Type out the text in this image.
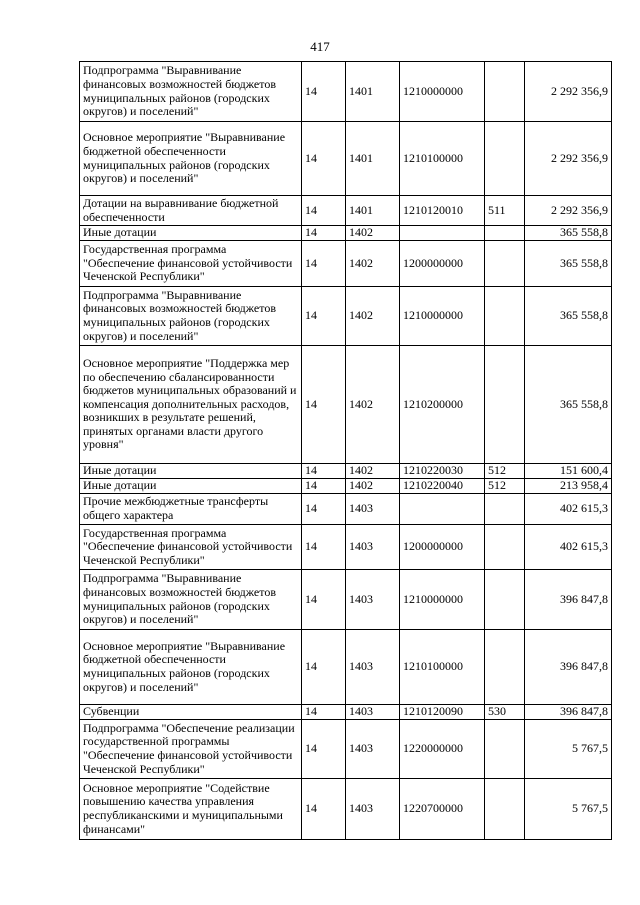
417
Подпрограмма "Выравнивание финансовых возможностей бюджетов муниципальных районов (городских округов) и поселений"	14	1401	1210000000		2 292 356,9
Основное мероприятие "Выравнивание бюджетной обеспеченности муниципальных районов (городских округов) и поселений"	14	1401	1210100000		2 292 356,9
Дотации на выравнивание бюджетной обеспеченности	14	1401	1210120010	511	2 292 356,9
Иные дотации	14	1402			365 558,8
Государственная программа "Обеспечение финансовой устойчивости Чеченской Республики"	14	1402	1200000000		365 558,8
Подпрограмма "Выравнивание финансовых возможностей бюджетов муниципальных районов (городских округов) и поселений"	14	1402	1210000000		365 558,8
Основное мероприятие "Поддержка мер по обеспечению сбалансированности бюджетов муниципальных образований и компенсация дополнительных расходов, возникших в результате решений, принятых органами власти другого уровня"	14	1402	1210200000		365 558,8
Иные дотации	14	1402	1210220030	512	151 600,4
Иные дотации	14	1402	1210220040	512	213 958,4
Прочие межбюджетные трансферты общего характера	14	1403			402 615,3
Государственная программа "Обеспечение финансовой устойчивости Чеченской Республики"	14	1403	1200000000		402 615,3
Подпрограмма "Выравнивание финансовых возможностей бюджетов муниципальных районов (городских округов) и поселений"	14	1403	1210000000		396 847,8
Основное мероприятие "Выравнивание бюджетной обеспеченности муниципальных районов (городских округов) и поселений"	14	1403	1210100000		396 847,8
Субвенции	14	1403	1210120090	530	396 847,8
Подпрограмма "Обеспечение реализации государственной программы "Обеспечение финансовой устойчивости Чеченской Республики"	14	1403	1220000000		5 767,5
Основное мероприятие "Содействие повышению качества управления республиканскими и муниципальными финансами"	14	1403	1220700000		5 767,5
